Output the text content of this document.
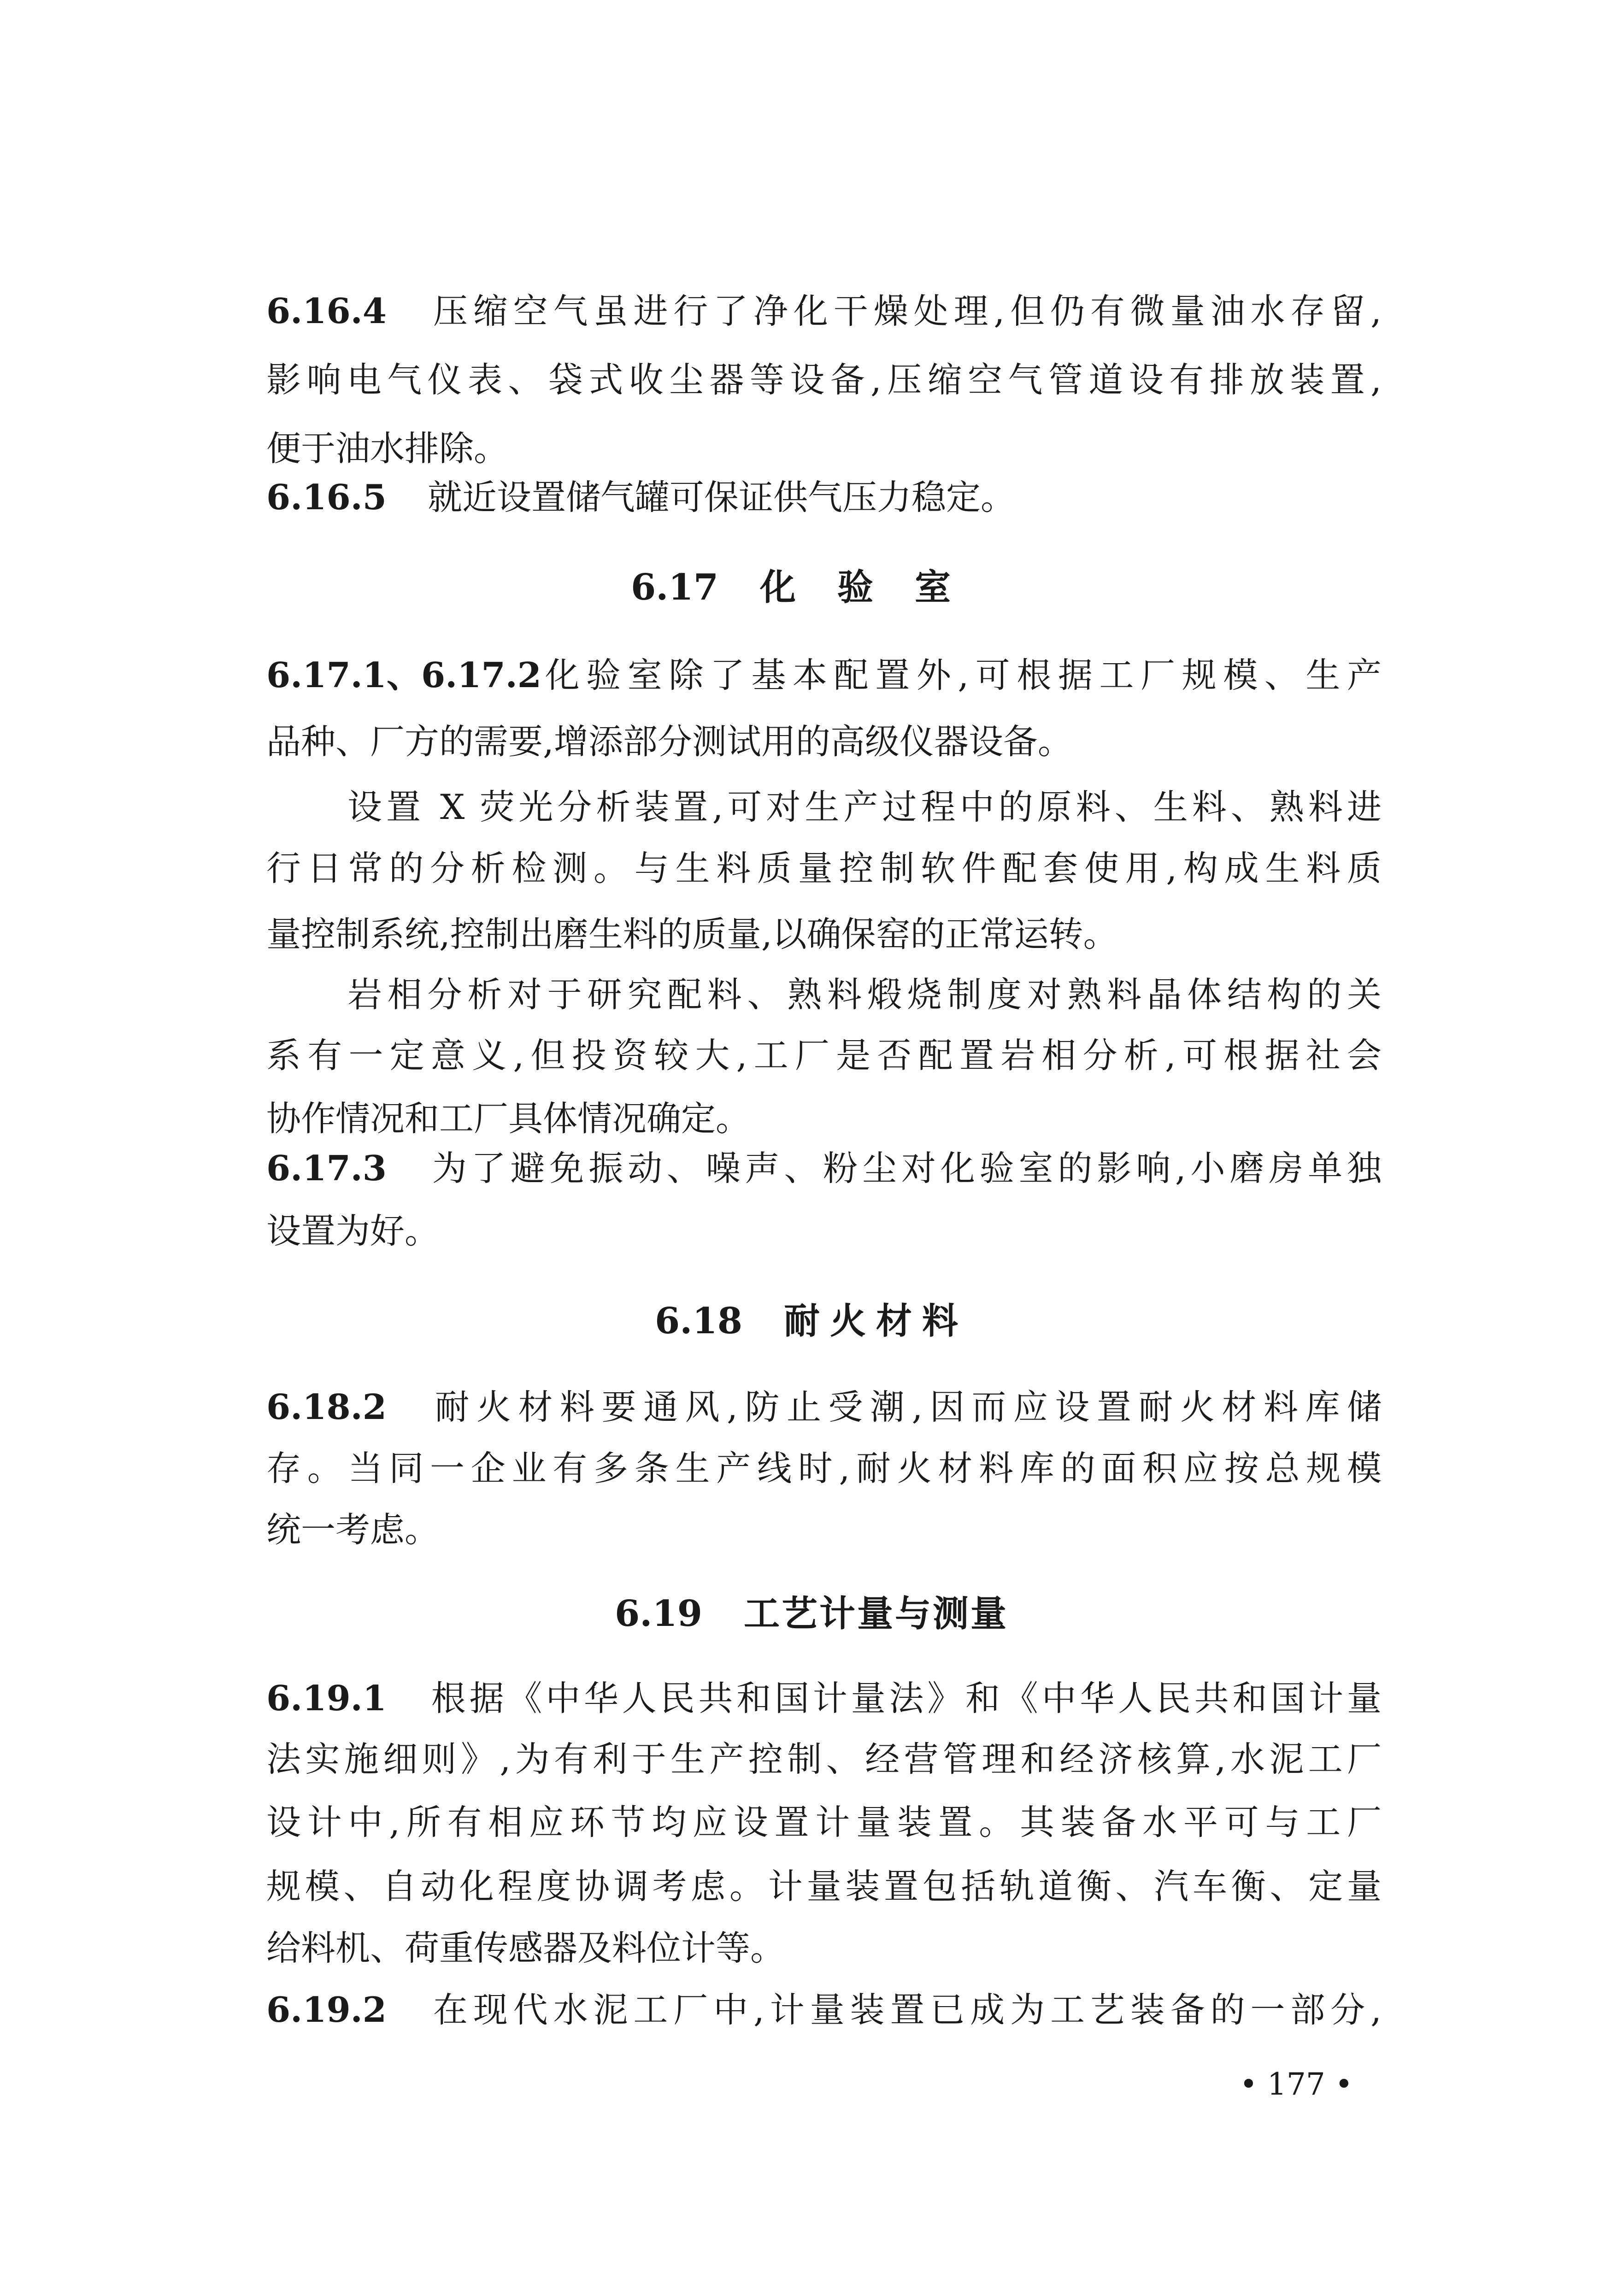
6.16.4 压缩空气虽进行了净化干燥处理,但仍有微量油水存留,
影响电气仪表、袋式收尘器等设备,压缩空气管道设有排放装置,
便于油水排除。
6.16.5 就近设置储气罐可保证供气压力稳定。
6.17 化验室
6.17.1、6.17.2化验室除了基本配置外,可根据工厂规模、生产
品种、厂方的需要,增添部分测试用的高级仪器设备。
设置 X 荧光分析装置,可对生产过程中的原料、生料、熟料进
行日常的分析检测。与生料质量控制软件配套使用,构成生料质
量控制系统,控制出磨生料的质量,以确保窑的正常运转。
岩相分析对于研究配料、熟料煅烧制度对熟料晶体结构的关
系有一定意义,但投资较大,工厂是否配置岩相分析,可根据社会
协作情况和工厂具体情况确定。
6.17.3 为了避免振动、噪声、粉尘对化验室的影响,小磨房单独
设置为好。
6.18 耐火材料
6.18.2 耐火材料要通风,防止受潮,因而应设置耐火材料库储
存。当同一企业有多条生产线时,耐火材料库的面积应按总规模
统一考虑。
6.19 工艺计量与测量
6.19.1 根据《中华人民共和国计量法》和《中华人民共和国计量
法实施细则》,为有利于生产控制、经营管理和经济核算,水泥工厂
设计中,所有相应环节均应设置计量装置。其装备水平可与工厂
规模、自动化程度协调考虑。计量装置包括轨道衡、汽车衡、定量
给料机、荷重传感器及料位计等。
6.19.2 在现代水泥工厂中,计量装置已成为工艺装备的一部分,
• 177 •
